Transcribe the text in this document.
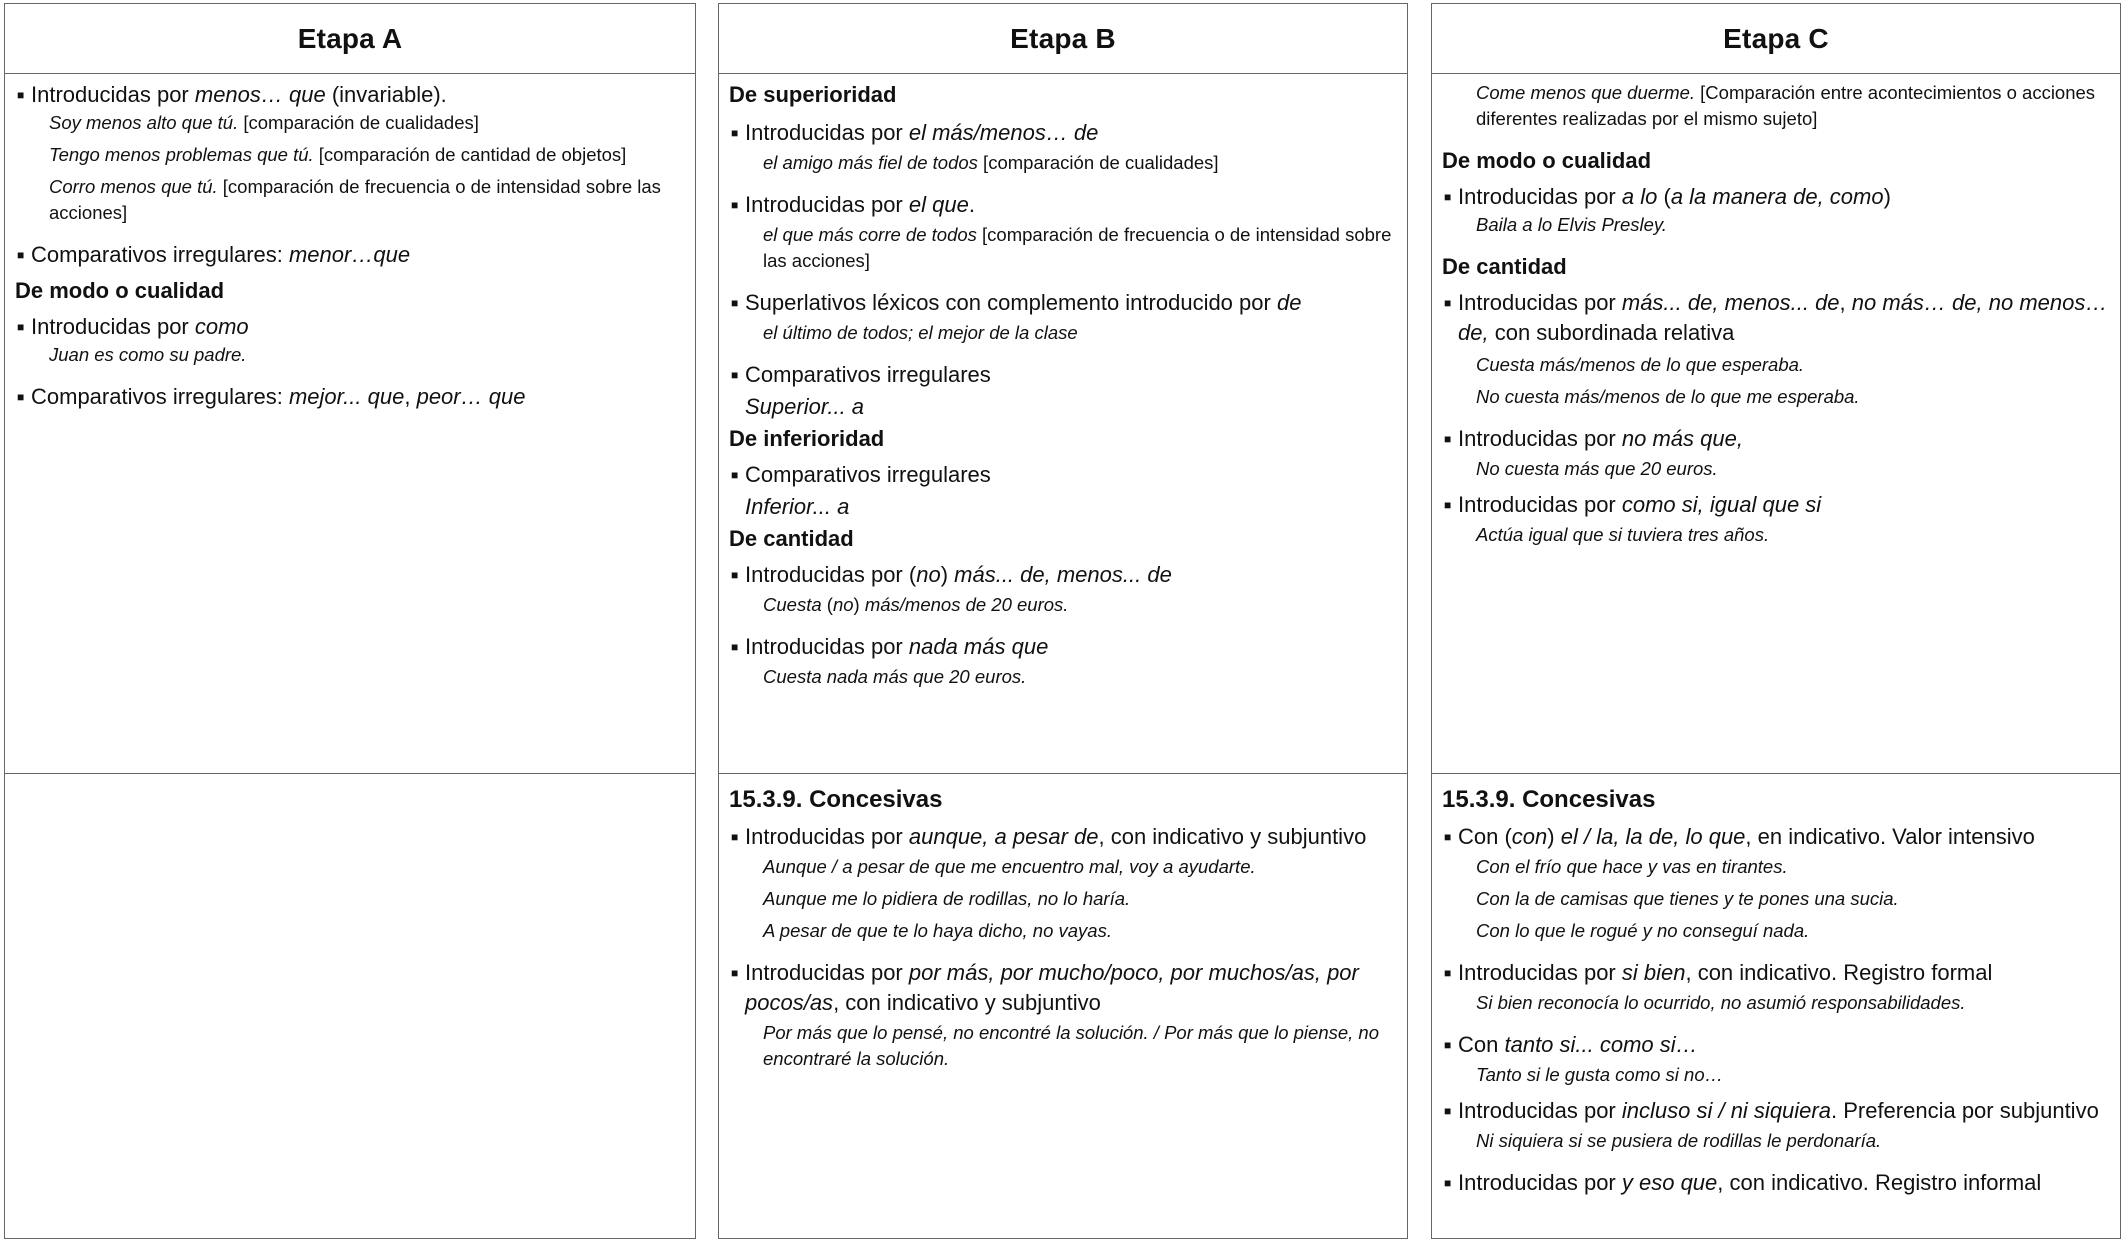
Etapa A
■ Introducidas por menos… que (invariable).
Soy menos alto que tú. [comparación de cualidades]
Tengo menos problemas que tú. [comparación de cantidad de objetos]
Corro menos que tú. [comparación de frecuencia o de intensidad sobre las acciones]
■ Comparativos irregulares: menor…que
De modo o cualidad
■ Introducidas por como
Juan es como su padre.
■ Comparativos irregulares: mejor... que, peor… que
Etapa B
De superioridad
■ Introducidas por el más/menos… de
el amigo más fiel de todos [comparación de cualidades]
■ Introducidas por el que.
el que más corre de todos [comparación de frecuencia o de intensidad sobre las acciones]
■ Superlativos léxicos con complemento introducido por de
el último de todos; el mejor de la clase
■ Comparativos irregulares
Superior... a
De inferioridad
■ Comparativos irregulares
Inferior... a
De cantidad
■ Introducidas por (no) más... de, menos... de
Cuesta (no) más/menos de 20 euros.
■ Introducidas por nada más que
Cuesta nada más que 20 euros.
15.3.9. Concesivas
■ Introducidas por aunque, a pesar de, con indicativo y subjuntivo
Aunque / a pesar de que me encuentro mal, voy a ayudarte.
Aunque me lo pidiera de rodillas, no lo haría.
A pesar de que te lo haya dicho, no vayas.
■ Introducidas por por más, por mucho/poco, por muchos/as, por pocos/as, con indicativo y subjuntivo
Por más que lo pensé, no encontré la solución. / Por más que lo piense, no encontraré la solución.
Etapa C
Come menos que duerme. [Comparación entre acontecimientos o acciones diferentes realizadas por el mismo sujeto]
De modo o cualidad
■ Introducidas por a lo (a la manera de, como)
Baila a lo Elvis Presley.
De cantidad
■ Introducidas por más... de, menos... de, no más… de, no menos… de, con subordinada relativa
Cuesta más/menos de lo que esperaba.
No cuesta más/menos de lo que me esperaba.
■ Introducidas por no más que,
No cuesta más que 20 euros.
■ Introducidas por como si, igual que si
Actúa igual que si tuviera tres años.
15.3.9. Concesivas
■ Con (con) el / la, la de, lo que, en indicativo. Valor intensivo
Con el frío que hace y vas en tirantes.
Con la de camisas que tienes y te pones una sucia.
Con lo que le rogué y no conseguí nada.
■ Introducidas por si bien, con indicativo. Registro formal
Si bien reconocía lo ocurrido, no asumió responsabilidades.
■ Con tanto si... como si…
Tanto si le gusta como si no…
■ Introducidas por incluso si / ni siquiera. Preferencia por subjuntivo
Ni siquiera si se pusiera de rodillas le perdonaría.
■ Introducidas por y eso que, con indicativo. Registro informal
